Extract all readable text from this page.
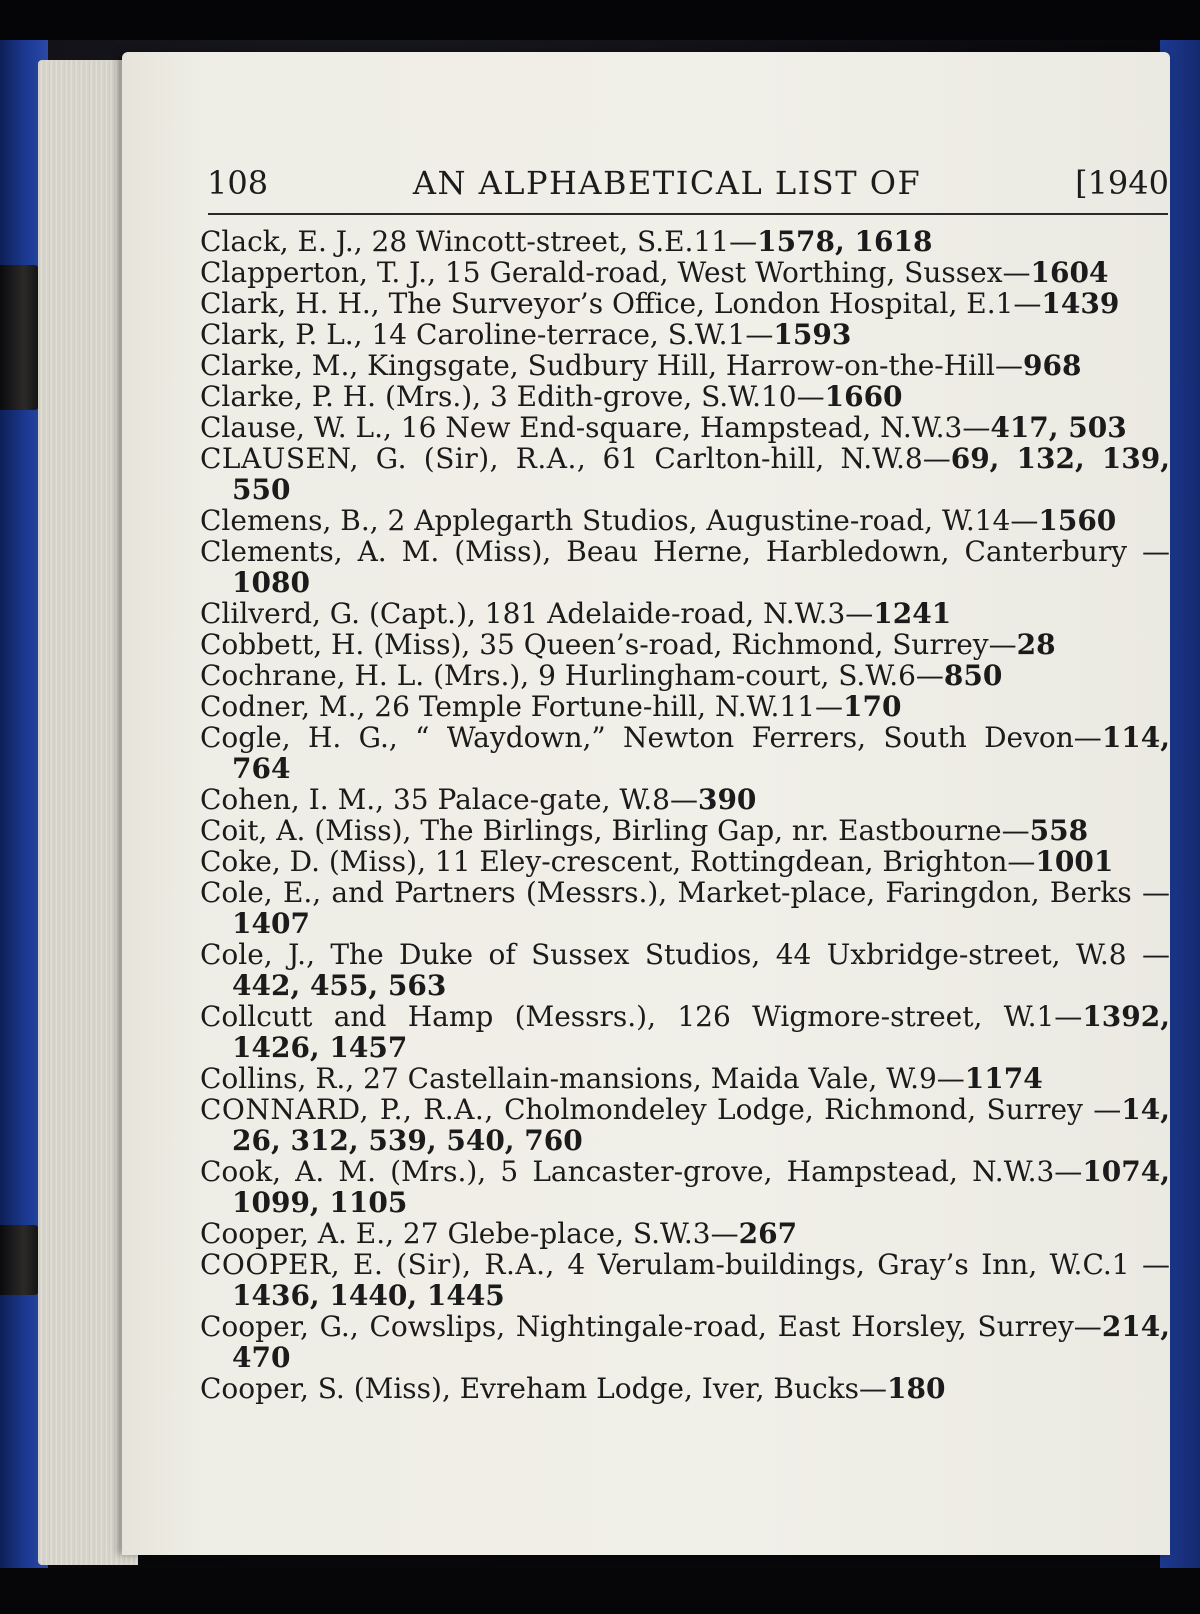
108	AN ALPHABETICAL LIST OF	[1940
Clack, E. J., 28 Wincott-street, S.E.11—1578, 1618
Clapperton, T. J., 15 Gerald-road, West Worthing, Sussex—1604
Clark, H. H., The Surveyor’s Office, London Hospital, E.1—1439
Clark, P. L., 14 Caroline-terrace, S.W.1—1593
Clarke, M., Kingsgate, Sudbury Hill, Harrow-on-the-Hill—968
Clarke, P. H. (Mrs.), 3 Edith-grove, S.W.10—1660
Clause, W. L., 16 New End-square, Hampstead, N.W.3—417, 503
CLAUSEN, G. (Sir), R.A., 61 Carlton-hill, N.W.8—69, 132, 139, 550
Clemens, B., 2 Applegarth Studios, Augustine-road, W.14—1560
Clements, A. M. (Miss), Beau Herne, Harbledown, Canterbury —1080
Clilverd, G. (Capt.), 181 Adelaide-road, N.W.3—1241
Cobbett, H. (Miss), 35 Queen’s-road, Richmond, Surrey—28
Cochrane, H. L. (Mrs.), 9 Hurlingham-court, S.W.6—850
Codner, M., 26 Temple Fortune-hill, N.W.11—170
Cogle, H. G., “ Waydown,” Newton Ferrers, South Devon—114, 764
Cohen, I. M., 35 Palace-gate, W.8—390
Coit, A. (Miss), The Birlings, Birling Gap, nr. Eastbourne—558
Coke, D. (Miss), 11 Eley-crescent, Rottingdean, Brighton—1001
Cole, E., and Partners (Messrs.), Market-place, Faringdon, Berks —1407
Cole, J., The Duke of Sussex Studios, 44 Uxbridge-street, W.8 —442, 455, 563
Collcutt and Hamp (Messrs.), 126 Wigmore-street, W.1—1392, 1426, 1457
Collins, R., 27 Castellain-mansions, Maida Vale, W.9—1174
CONNARD, P., R.A., Cholmondeley Lodge, Richmond, Surrey —14, 26, 312, 539, 540, 760
Cook, A. M. (Mrs.), 5 Lancaster-grove, Hampstead, N.W.3—1074, 1099, 1105
Cooper, A. E., 27 Glebe-place, S.W.3—267
COOPER, E. (Sir), R.A., 4 Verulam-buildings, Gray’s Inn, W.C.1 —1436, 1440, 1445
Cooper, G., Cowslips, Nightingale-road, East Horsley, Surrey—214, 470
Cooper, S. (Miss), Evreham Lodge, Iver, Bucks—180
